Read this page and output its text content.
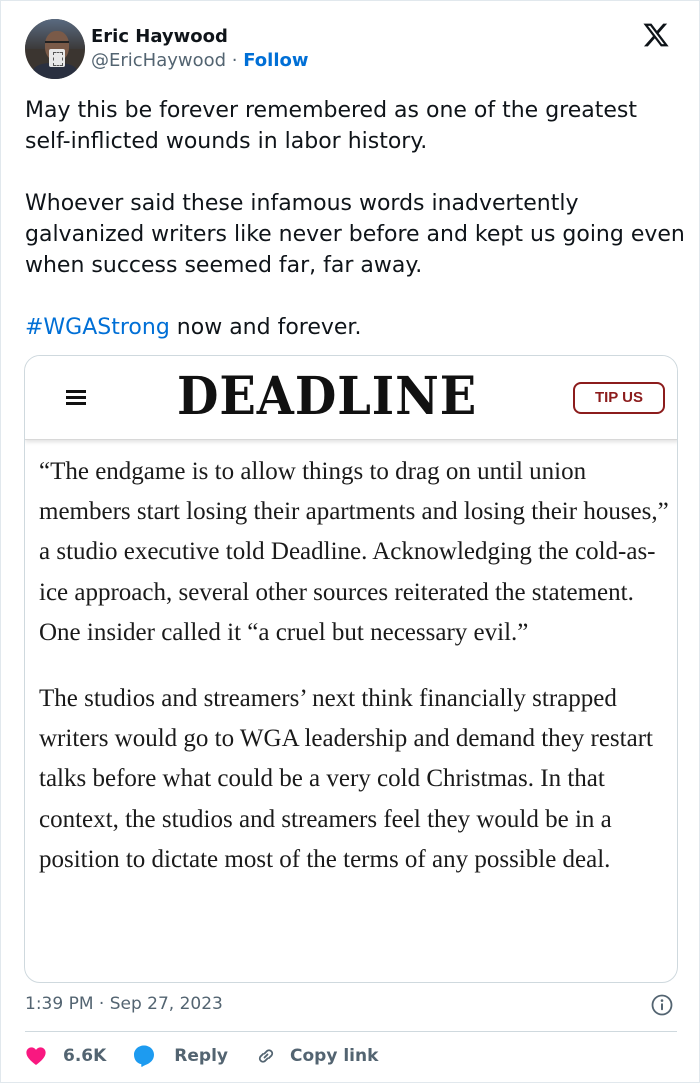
Eric Haywood
@EricHaywood · Follow

May this be forever remembered as one of the greatest self-inflicted wounds in labor history.

Whoever said these infamous words inadvertently galvanized writers like never before and kept us going even when success seemed far, far away.

#WGAStrong now and forever.

DEADLINE	TIP US

“The endgame is to allow things to drag on until union members start losing their apartments and losing their houses,” a studio executive told Deadline. Acknowledging the cold-as-ice approach, several other sources reiterated the statement. One insider called it “a cruel but necessary evil.”

The studios and streamers’ next think financially strapped writers would go to WGA leadership and demand they restart talks before what could be a very cold Christmas. In that context, the studios and streamers feel they would be in a position to dictate most of the terms of any possible deal.

1:39 PM · Sep 27, 2023
6.6K	Reply	Copy link
